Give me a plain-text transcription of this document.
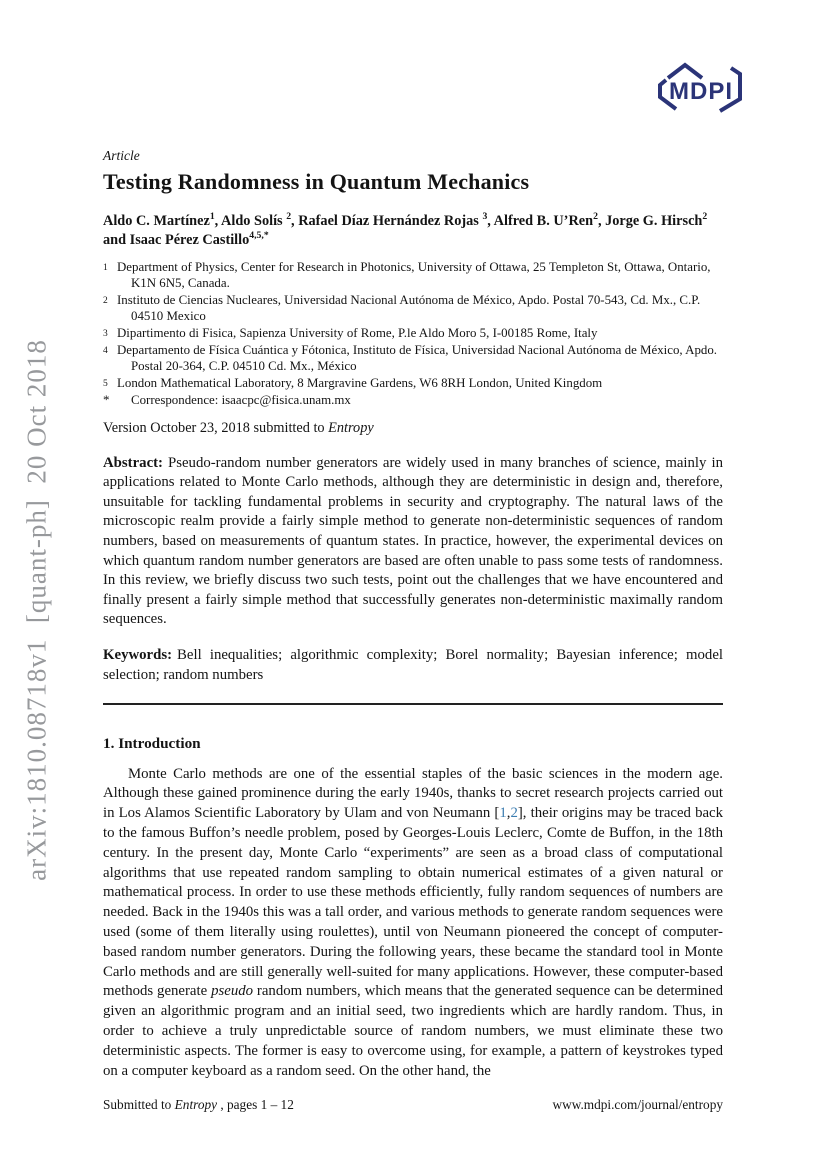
arXiv:1810.08718v1  [quant-ph]  20 Oct 2018
MDPI
Article
Testing Randomness in Quantum Mechanics
Aldo C. Martínez$^1$, Aldo Solís $^2$, Rafael Díaz Hernández Rojas $^3$, Alfred B. U’Ren$^2$, Jorge G. Hirsch$^2$ and Isaac Pérez Castillo$^{4,5,*}$
1 Department of Physics, Center for Research in Photonics, University of Ottawa, 25 Templeton St, Ottawa, Ontario, K1N 6N5, Canada.
2 Instituto de Ciencias Nucleares, Universidad Nacional Autónoma de México, Apdo. Postal 70-543, Cd. Mx., C.P. 04510 Mexico
3 Dipartimento di Fisica, Sapienza University of Rome, P.le Aldo Moro 5, I-00185 Rome, Italy
4 Departamento de Física Cuántica y Fótonica, Instituto de Física, Universidad Nacional Autónoma de México, Apdo. Postal 20-364, C.P. 04510 Cd. Mx., México
5 London Mathematical Laboratory, 8 Margravine Gardens, W6 8RH London, United Kingdom
*	Correspondence: isaacpc@fisica.unam.mx
Version October 23, 2018 submitted to Entropy

Abstract: Pseudo-random number generators are widely used in many branches of science, mainly in applications related to Monte Carlo methods, although they are deterministic in design and, therefore, unsuitable for tackling fundamental problems in security and cryptography. The natural laws of the microscopic realm provide a fairly simple method to generate non-deterministic sequences of random numbers, based on measurements of quantum states. In practice, however, the experimental devices on which quantum random number generators are based are often unable to pass some tests of randomness. In this review, we briefly discuss two such tests, point out the challenges that we have encountered and finally present a fairly simple method that successfully generates non-deterministic maximally random sequences.

Keywords: Bell inequalities; algorithmic complexity; Borel normality; Bayesian inference; model selection; random numbers

1. Introduction

Monte Carlo methods are one of the essential staples of the basic sciences in the modern age. Although these gained prominence during the early 1940s, thanks to secret research projects carried out in Los Alamos Scientific Laboratory by Ulam and von Neumann [1,2], their origins may be traced back to the famous Buffon’s needle problem, posed by Georges-Louis Leclerc, Comte de Buffon, in the 18th century. In the present day, Monte Carlo “experiments” are seen as a broad class of computational algorithms that use repeated random sampling to obtain numerical estimates of a given natural or mathematical process. In order to use these methods efficiently, fully random sequences of numbers are needed. Back in the 1940s this was a tall order, and various methods to generate random sequences were used (some of them literally using roulettes), until von Neumann pioneered the concept of computer-based random number generators. During the following years, these became the standard tool in Monte Carlo methods and are still generally well-suited for many applications. However, these computer-based methods generate pseudo random numbers, which means that the generated sequence can be determined given an algorithmic program and an initial seed, two ingredients which are hardly random. Thus, in order to achieve a truly unpredictable source of random numbers, we must eliminate these two deterministic aspects. The former is easy to overcome using, for example, a pattern of keystrokes typed on a computer keyboard as a random seed. On the other hand, the

Submitted to Entropy , pages 1 – 12	www.mdpi.com/journal/entropy
